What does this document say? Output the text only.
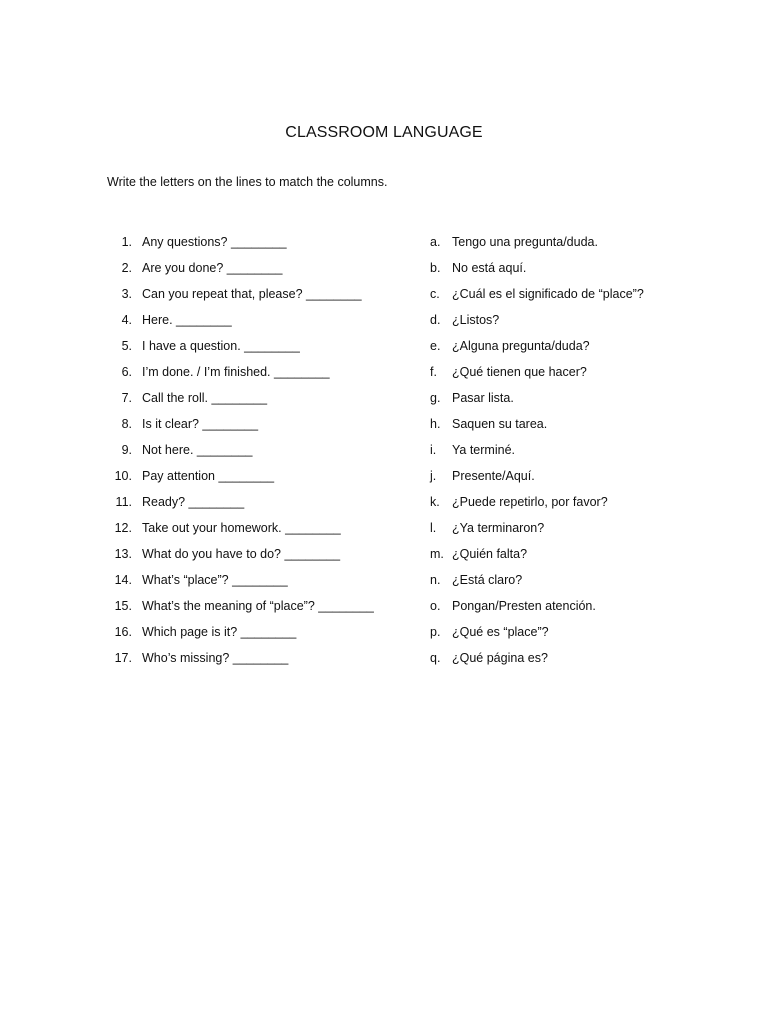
CLASSROOM LANGUAGE
Write the letters on the lines to match the columns.
1. Any questions? ________	a. Tengo una pregunta/duda.
2. Are you done? ________	b. No está aquí.
3. Can you repeat that, please? ________	c. ¿Cuál es el significado de “place”?
4. Here. ________	d. ¿Listos?
5. I have a question. ________	e. ¿Alguna pregunta/duda?
6. I’m done. / I’m finished. ________	f. ¿Qué tienen que hacer?
7. Call the roll. ________	g. Pasar lista.
8. Is it clear? ________	h. Saquen su tarea.
9. Not here. ________	i. Ya terminé.
10. Pay attention ________	j. Presente/Aquí.
11. Ready? ________	k. ¿Puede repetirlo, por favor?
12. Take out your homework. ________	l. ¿Ya terminaron?
13. What do you have to do? ________	m. ¿Quién falta?
14. What’s “place”? ________	n. ¿Está claro?
15. What’s the meaning of “place”? ________	o. Pongan/Presten atención.
16. Which page is it? ________	p. ¿Qué es “place”?
17. Who’s missing? ________	q. ¿Qué página es?
